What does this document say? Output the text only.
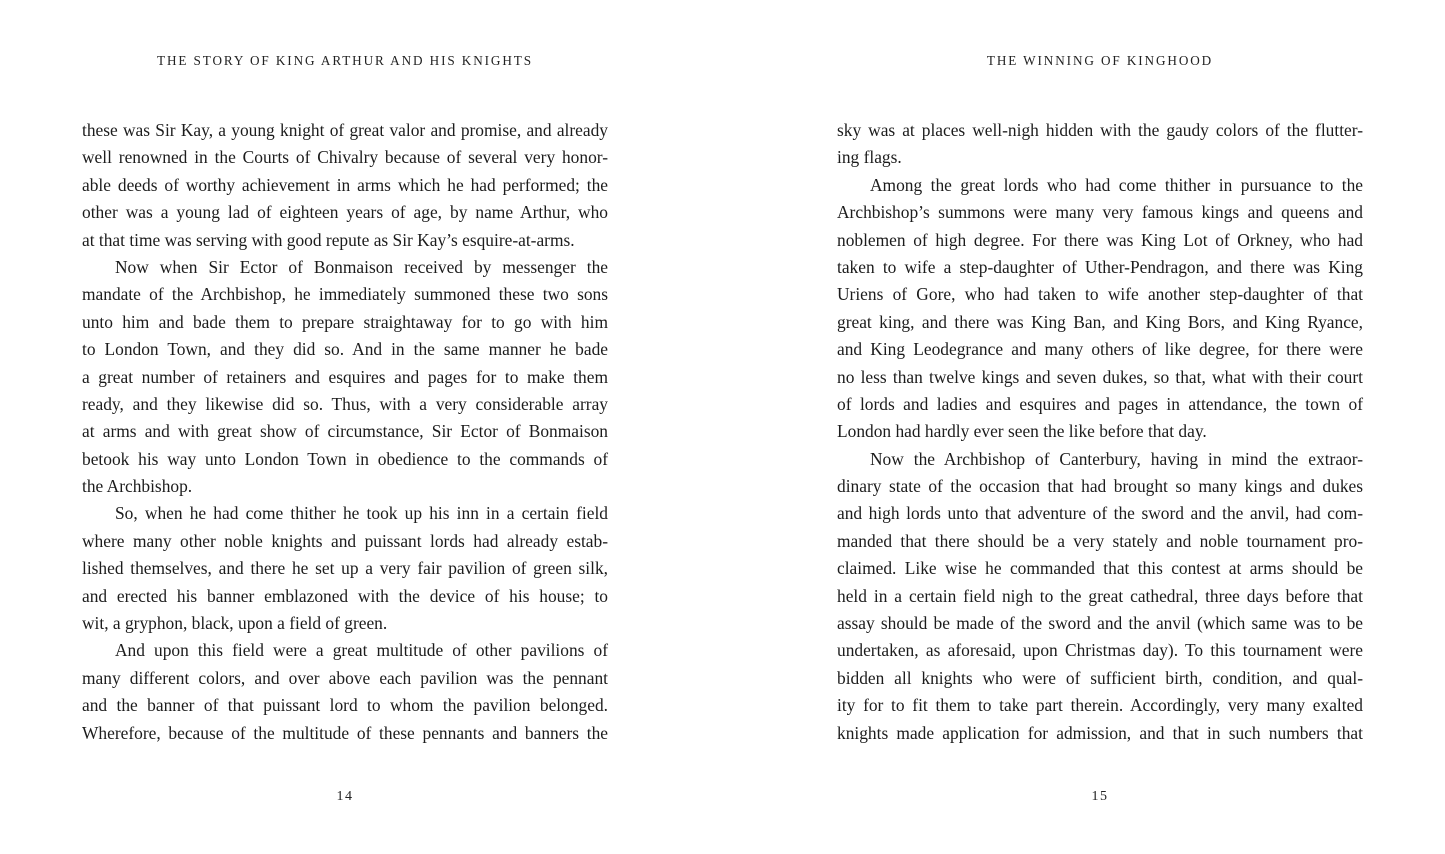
THE STORY OF KING ARTHUR AND HIS KNIGHTS
these was Sir Kay, a young knight of great valor and promise, and already
well renowned in the Courts of Chivalry because of several very honor-
able deeds of worthy achievement in arms which he had performed; the
other was a young lad of eighteen years of age, by name Arthur, who
at that time was serving with good repute as Sir Kay’s esquire-at-arms.
Now when Sir Ector of Bonmaison received by messenger the
mandate of the Archbishop, he immediately summoned these two sons
unto him and bade them to prepare straightaway for to go with him
to London Town, and they did so. And in the same manner he bade
a great number of retainers and esquires and pages for to make them
ready, and they likewise did so. Thus, with a very considerable array
at arms and with great show of circumstance, Sir Ector of Bonmaison
betook his way unto London Town in obedience to the commands of
the Archbishop.
So, when he had come thither he took up his inn in a certain field
where many other noble knights and puissant lords had already estab-
lished themselves, and there he set up a very fair pavilion of green silk,
and erected his banner emblazoned with the device of his house; to
wit, a gryphon, black, upon a field of green.
And upon this field were a great multitude of other pavilions of
many different colors, and over above each pavilion was the pennant
and the banner of that puissant lord to whom the pavilion belonged.
Wherefore, because of the multitude of these pennants and banners the
14
THE WINNING OF KINGHOOD
sky was at places well-nigh hidden with the gaudy colors of the flutter-
ing flags.
Among the great lords who had come thither in pursuance to the
Archbishop’s summons were many very famous kings and queens and
noblemen of high degree. For there was King Lot of Orkney, who had
taken to wife a step-daughter of Uther-Pendragon, and there was King
Uriens of Gore, who had taken to wife another step-daughter of that
great king, and there was King Ban, and King Bors, and King Ryance,
and King Leodegrance and many others of like degree, for there were
no less than twelve kings and seven dukes, so that, what with their court
of lords and ladies and esquires and pages in attendance, the town of
London had hardly ever seen the like before that day.
Now the Archbishop of Canterbury, having in mind the extraor-
dinary state of the occasion that had brought so many kings and dukes
and high lords unto that adventure of the sword and the anvil, had com-
manded that there should be a very stately and noble tournament pro-
claimed. Like wise he commanded that this contest at arms should be
held in a certain field nigh to the great cathedral, three days before that
assay should be made of the sword and the anvil (which same was to be
undertaken, as aforesaid, upon Christmas day). To this tournament were
bidden all knights who were of sufficient birth, condition, and qual-
ity for to fit them to take part therein. Accordingly, very many exalted
knights made application for admission, and that in such numbers that
15
